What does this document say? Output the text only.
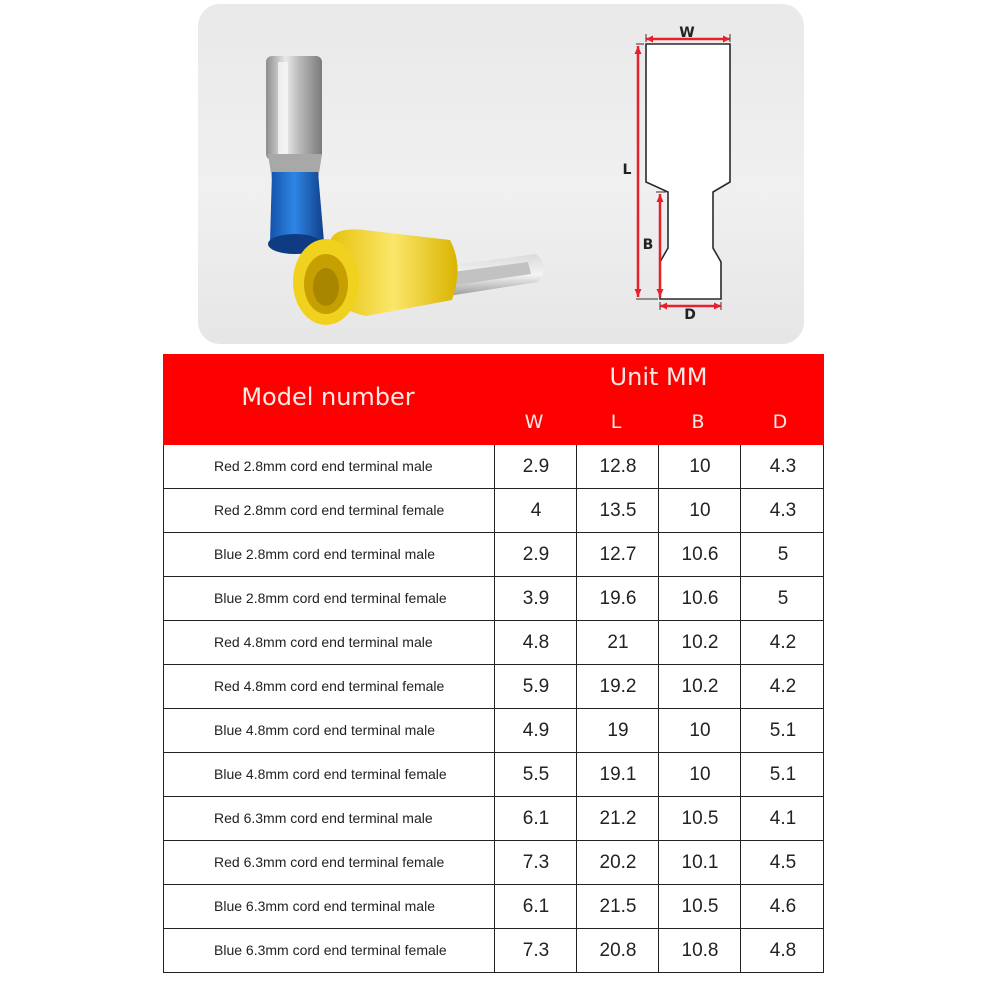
W
L
B
D
Model number
Unit MM
W	L	B	D
Red 2.8mm cord end terminal male	2.9	12.8	10	4.3
Red 2.8mm cord end terminal female	4	13.5	10	4.3
Blue 2.8mm cord end terminal male	2.9	12.7	10.6	5
Blue 2.8mm cord end terminal female	3.9	19.6	10.6	5
Red 4.8mm cord end terminal male	4.8	21	10.2	4.2
Red 4.8mm cord end terminal female	5.9	19.2	10.2	4.2
Blue 4.8mm cord end terminal male	4.9	19	10	5.1
Blue 4.8mm cord end terminal female	5.5	19.1	10	5.1
Red 6.3mm cord end terminal male	6.1	21.2	10.5	4.1
Red 6.3mm cord end terminal female	7.3	20.2	10.1	4.5
Blue 6.3mm cord end terminal male	6.1	21.5	10.5	4.6
Blue 6.3mm cord end terminal female	7.3	20.8	10.8	4.8
